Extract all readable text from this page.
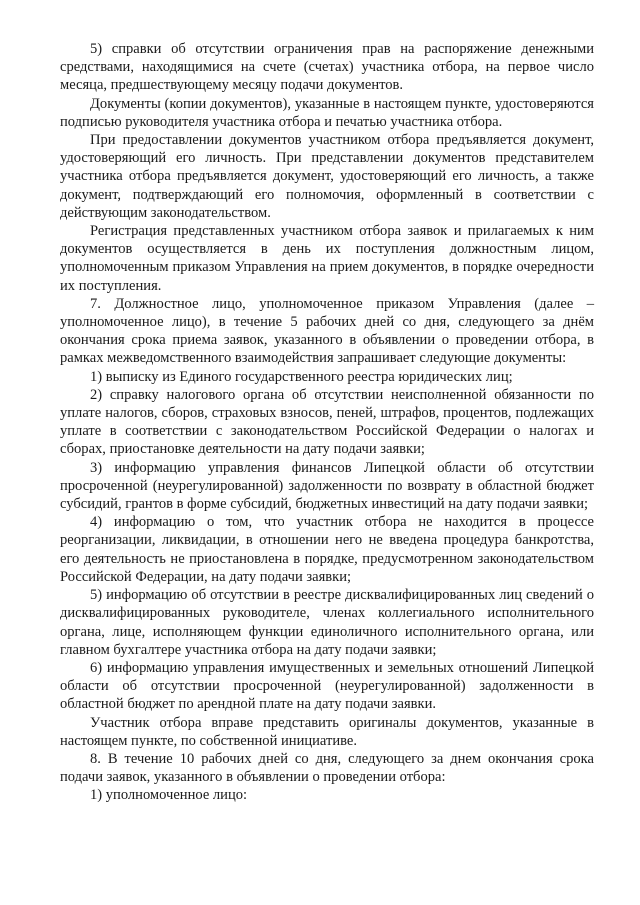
5) справки об отсутствии ограничения прав на распоряжение денежными средствами, находящимися на счете (счетах) участника отбора, на первое число месяца, предшествующему месяцу подачи документов.

Документы (копии документов), указанные в настоящем пункте, удостоверяются подписью руководителя участника отбора и печатью участника отбора.

При предоставлении документов участником отбора предъявляется документ, удостоверяющий его личность. При представлении документов представителем участника отбора предъявляется документ, удостоверяющий его личность, а также документ, подтверждающий его полномочия, оформленный в соответствии с действующим законодательством.

Регистрация представленных участником отбора заявок и прилагаемых к ним документов осуществляется в день их поступления должностным лицом, уполномоченным приказом Управления на прием документов, в порядке очередности их поступления.

7. Должностное лицо, уполномоченное приказом Управления (далее – уполномоченное лицо), в течение 5 рабочих дней со дня, следующего за днём окончания срока приема заявок, указанного в объявлении о проведении отбора, в рамках межведомственного взаимодействия запрашивает следующие документы:

1) выписку из Единого государственного реестра юридических лиц;

2) справку налогового органа об отсутствии неисполненной обязанности по уплате налогов, сборов, страховых взносов, пеней, штрафов, процентов, подлежащих уплате в соответствии с законодательством Российской Федерации о налогах и сборах, приостановке деятельности на дату подачи заявки;

3) информацию управления финансов Липецкой области об отсутствии просроченной (неурегулированной) задолженности по возврату в областной бюджет субсидий, грантов в форме субсидий, бюджетных инвестиций на дату подачи заявки;

4) информацию о том, что участник отбора не находится в процессе реорганизации, ликвидации, в отношении него не введена процедура банкротства, его деятельность не приостановлена в порядке, предусмотренном законодательством Российской Федерации, на дату подачи заявки;

5) информацию об отсутствии в реестре дисквалифицированных лиц сведений о дисквалифицированных руководителе, членах коллегиального исполнительного органа, лице, исполняющем функции единоличного исполнительного органа, или главном бухгалтере участника отбора на дату подачи заявки;

6) информацию управления имущественных и земельных отношений Липецкой области об отсутствии просроченной (неурегулированной) задолженности в областной бюджет по арендной плате на дату подачи заявки.

Участник отбора вправе представить оригиналы документов, указанные в настоящем пункте, по собственной инициативе.

8. В течение 10 рабочих дней со дня, следующего за днем окончания срока подачи заявок, указанного в объявлении о проведении отбора:

1) уполномоченное лицо:
